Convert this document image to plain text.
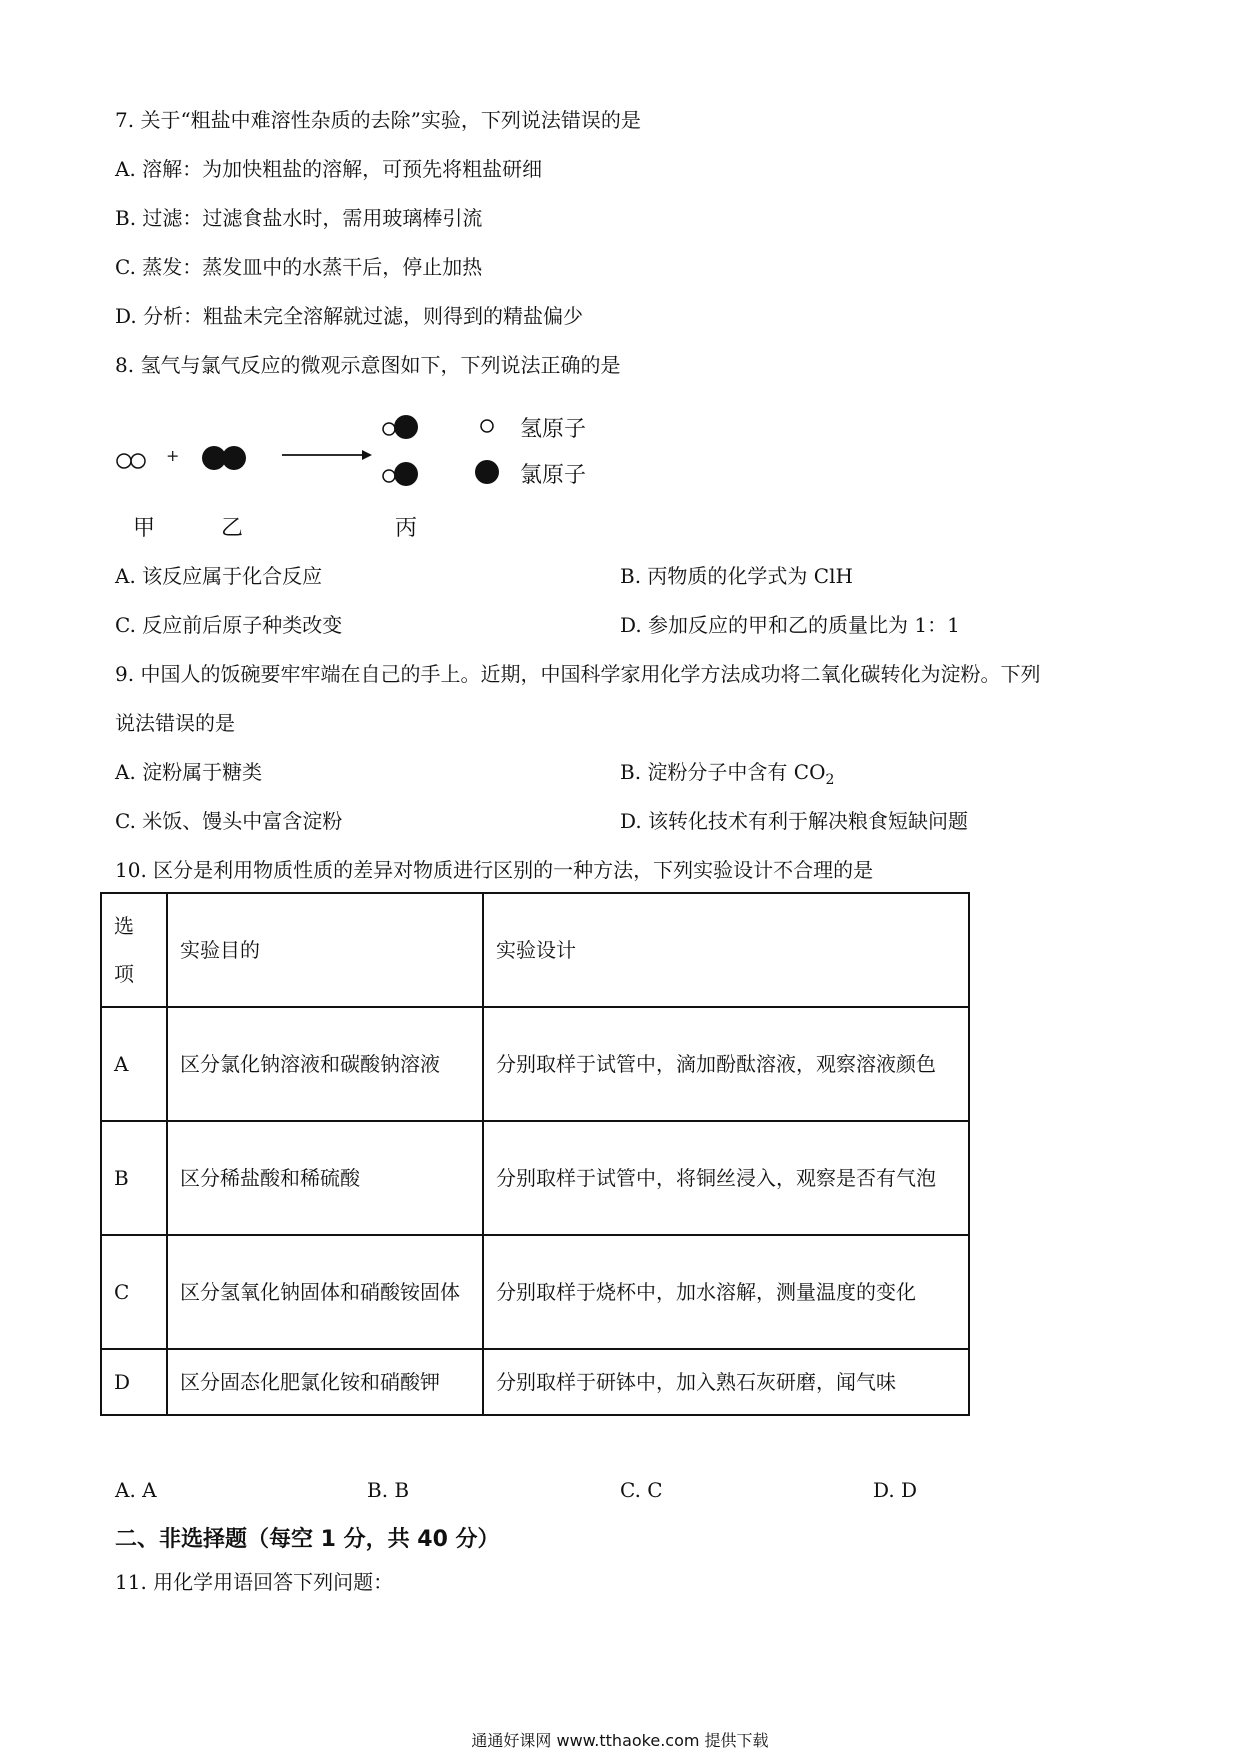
7. 关于“粗盐中难溶性杂质的去除”实验，下列说法错误的是
A. 溶解：为加快粗盐的溶解，可预先将粗盐研细
B. 过滤：过滤食盐水时，需用玻璃棒引流
C. 蒸发：蒸发皿中的水蒸干后，停止加热
D. 分析：粗盐未完全溶解就过滤，则得到的精盐偏少
8. 氢气与氯气反应的微观示意图如下，下列说法正确的是
+
氢原子
氯原子
甲	乙	丙
A. 该反应属于化合反应	B. 丙物质的化学式为 ClH
C. 反应前后原子种类改变	D. 参加反应的甲和乙的质量比为 1：1
9. 中国人的饭碗要牢牢端在自己的手上。近期，中国科学家用化学方法成功将二氧化碳转化为淀粉。下列
说法错误的是
A. 淀粉属于糖类	B. 淀粉分子中含有 $CO_2$
C. 米饭、馒头中富含淀粉	D. 该转化技术有利于解决粮食短缺问题
10. 区分是利用物质性质的差异对物质进行区别的一种方法，下列实验设计不合理的是
选
项	实验目的	实验设计
A	区分氯化钠溶液和碳酸钠溶液	分别取样于试管中，滴加酚酞溶液，观察溶液颜色
B	区分稀盐酸和稀硫酸	分别取样于试管中，将铜丝浸入，观察是否有气泡
C	区分氢氧化钠固体和硝酸铵固体	分别取样于烧杯中，加水溶解，测量温度的变化
D	区分固态化肥氯化铵和硝酸钾	分别取样于研钵中，加入熟石灰研磨，闻气味
A. A	B. B	C. C	D. D
二、非选择题（每空 1 分，共 40 分）
11. 用化学用语回答下列问题：
通通好课网 www.tthaoke.com 提供下载
